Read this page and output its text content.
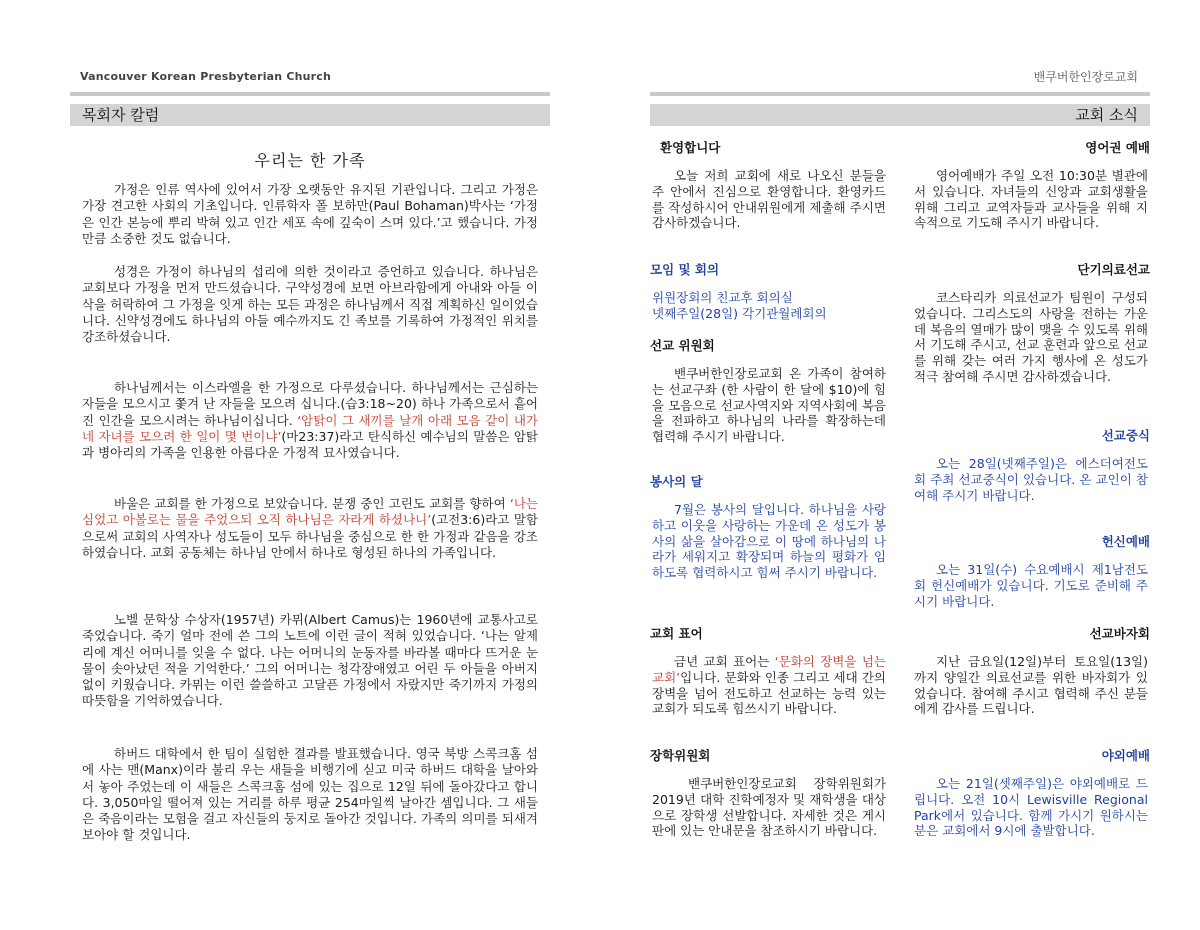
Vancouver Korean Presbyterian Church
목회자 칼럼
우리는 한 가족

가정은 인류 역사에 있어서 가장 오랫동안 유지된 기관입니다. 그리고 가정은 가장 견고한 사회의 기초입니다. 인류학자 폴 보하만(Paul Bohaman)박사는 ‘가정은 인간 본능에 뿌리 박혀 있고 인간 세포 속에 깊숙이 스며 있다.’고 했습니다. 가정만큼 소중한 것도 없습니다.

성경은 가정이 하나님의 섭리에 의한 것이라고 증언하고 있습니다. 하나님은 교회보다 가정을 먼저 만드셨습니다. 구약성경에 보면 아브라함에게 아내와 아들 이삭을 허락하여 그 가정을 잇게 하는 모든 과정은 하나님께서 직접 계획하신 일이었습니다. 신약성경에도 하나님의 아들 예수까지도 긴 족보를 기록하여 가정적인 위치를 강조하셨습니다.

하나님께서는 이스라엘을 한 가정으로 다루셨습니다. 하나님께서는 근심하는 자들을 모으시고 쫓겨 난 자들을 모으려 십니다.(습3:18~20) 하나 가족으로서 흩어진 인간을 모으시려는 하나님이십니다. ‘암탉이 그 새끼를 날개 아래 모음 같이 내가 네 자녀를 모으려 한 일이 몇 번이냐’(마23:37)라고 탄식하신 예수님의 말씀은 암탉과 병아리의 가족을 인용한 아름다운 가정적 묘사였습니다.

바울은 교회를 한 가정으로 보았습니다. 분쟁 중인 고린도 교회를 향하여 ‘나는 심었고 아볼로는 물을 주었으되 오직 하나님은 자라게 하셨나니’(고전3:6)라고 말함으로써 교회의 사역자나 성도들이 모두 하나님을 중심으로 한 한 가정과 같음을 강조하였습니다. 교회 공동체는 하나님 안에서 하나로 형성된 하나의 가족입니다.

노벨 문학상 수상자(1957년) 카뮈(Albert Camus)는 1960년에 교통사고로 죽었습니다. 죽기 얼마 전에 쓴 그의 노트에 이런 글이 적혀 있었습니다. ‘나는 알제리에 계신 어머니를 잊을 수 없다. 나는 어머니의 눈동자를 바라볼 때마다 뜨거운 눈물이 솟아났던 적을 기억한다.’ 그의 어머니는 청각장애였고 어린 두 아들을 아버지 없이 키웠습니다. 카뮈는 이런 쓸쓸하고 고달픈 가정에서 자랐지만 죽기까지 가정의 따뜻함을 기억하였습니다.

하버드 대학에서 한 팀이 실험한 결과를 발표했습니다. 영국 북방 스콕크홈 섬에 사는 맨(Manx)이라 불리 우는 새들을 비행기에 싣고 미국 하버드 대학을 날아와서 놓아 주었는데 이 새들은 스콕크홈 섬에 있는 집으로 12일 뒤에 돌아갔다고 합니다. 3,050마일 떨어져 있는 거리를 하루 평균 254마일씩 날아간 셈입니다. 그 새들은 죽음이라는 모험을 걸고 자신들의 둥지로 돌아간 것입니다. 가족의 의미를 되새겨 보아야 할 것입니다.

밴쿠버한인장로교회
교회 소식
환영합니다
오늘 저희 교회에 새로 나오신 분들을 주 안에서 진심으로 환영합니다. 환영카드를 작성하시어 안내위원에게 제출해 주시면 감사하겠습니다.
모임 및 회의
위원장회의 친교후 회의실
넷째주일(28일) 각기관월례회의
선교 위원회
밴쿠버한인장로교회 온 가족이 참여하는 선교구좌 (한 사람이 한 달에 $10)에 힘을 모음으로 선교사역지와 지역사회에 복음을 전파하고 하나님의 나라를 확장하는데 협력해 주시기 바랍니다.
봉사의 달
7월은 봉사의 달입니다. 하나님을 사랑하고 이웃을 사랑하는 가운데 온 성도가 봉사의 삶을 살아감으로 이 땅에 하나님의 나라가 세워지고 확장되며 하늘의 평화가 임하도록 협력하시고 힘써 주시기 바랍니다.
교회 표어
금년 교회 표어는 ‘문화의 장벽을 넘는 교회’입니다. 문화와 인종 그리고 세대 간의 장벽을 넘어 전도하고 선교하는 능력 있는 교회가 되도록 힘쓰시기 바랍니다.
장학위원회
밴쿠버한인장로교회 장학위원회가 2019년 대학 진학예정자 및 재학생을 대상으로 장학생 선발합니다. 자세한 것은 게시판에 있는 안내문을 참조하시기 바랍니다.
영어권 예배
영어예배가 주일 오전 10:30분 별관에서 있습니다. 자녀들의 신앙과 교회생활을 위해 그리고 교역자들과 교사들을 위해 지속적으로 기도해 주시기 바랍니다.
단기의료선교
코스타리카 의료선교가 팀원이 구성되었습니다. 그리스도의 사랑을 전하는 가운데 복음의 열매가 많이 맺을 수 있도록 위해서 기도해 주시고, 선교 훈련과 앞으로 선교를 위해 갖는 여러 가지 행사에 온 성도가 적극 참여해 주시면 감사하겠습니다.
선교중식
오는 28일(넷째주일)은 에스더여전도회 주최 선교중식이 있습니다. 온 교인이 참여해 주시기 바랍니다.
헌신예배
오는 31일(수) 수요예배시 제1남전도회 헌신예배가 있습니다. 기도로 준비해 주시기 바랍니다.
선교바자회
지난 금요일(12일)부터 토요일(13일)까지 양일간 의료선교를 위한 바자회가 있었습니다. 참여해 주시고 협력해 주신 분들에게 감사를 드립니다.
야외예배
오는 21일(셋째주일)은 야외예배로 드립니다. 오전 10시 Lewisville Regional Park에서 있습니다. 함께 가시기 원하시는 분은 교회에서 9시에 출발합니다.
